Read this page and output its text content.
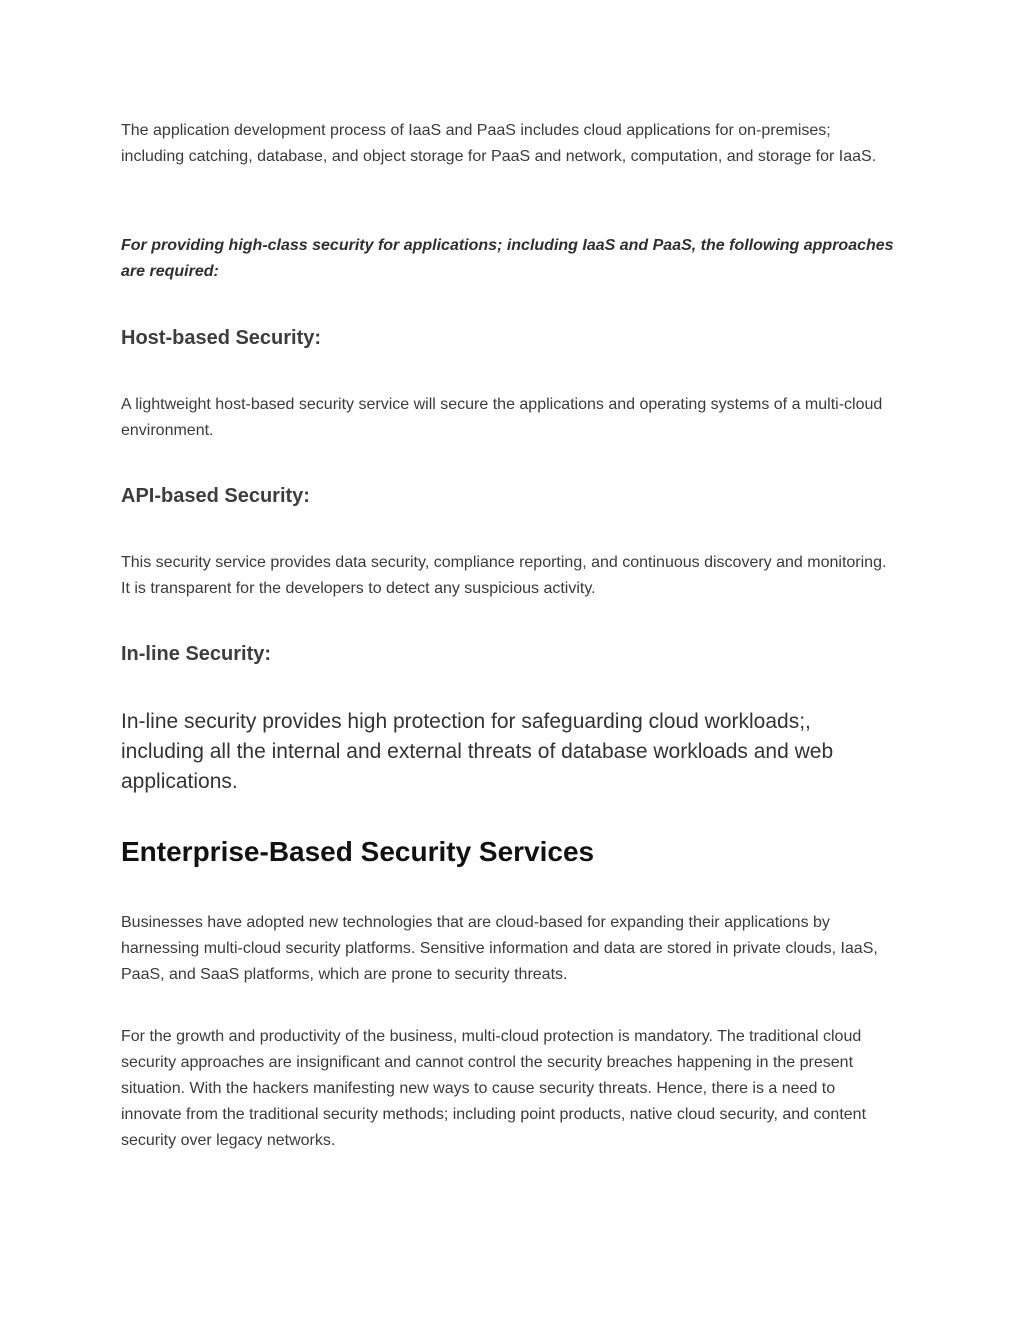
The application development process of IaaS and PaaS includes cloud applications for on-premises; including catching, database, and object storage for PaaS and network, computation, and storage for IaaS.

For providing high-class security for applications; including IaaS and PaaS, the following approaches are required:

Host-based Security:

A lightweight host-based security service will secure the applications and operating systems of a multi-cloud environment.

API-based Security:

This security service provides data security, compliance reporting, and continuous discovery and monitoring. It is transparent for the developers to detect any suspicious activity.

In-line Security:

In-line security provides high protection for safeguarding cloud workloads;, including all the internal and external threats of database workloads and web applications.

Enterprise-Based Security Services

Businesses have adopted new technologies that are cloud-based for expanding their applications by harnessing multi-cloud security platforms. Sensitive information and data are stored in private clouds, IaaS, PaaS, and SaaS platforms, which are prone to security threats.

For the growth and productivity of the business, multi-cloud protection is mandatory. The traditional cloud security approaches are insignificant and cannot control the security breaches happening in the present situation. With the hackers manifesting new ways to cause security threats. Hence, there is a need to innovate from the traditional security methods; including point products, native cloud security, and content security over legacy networks.
